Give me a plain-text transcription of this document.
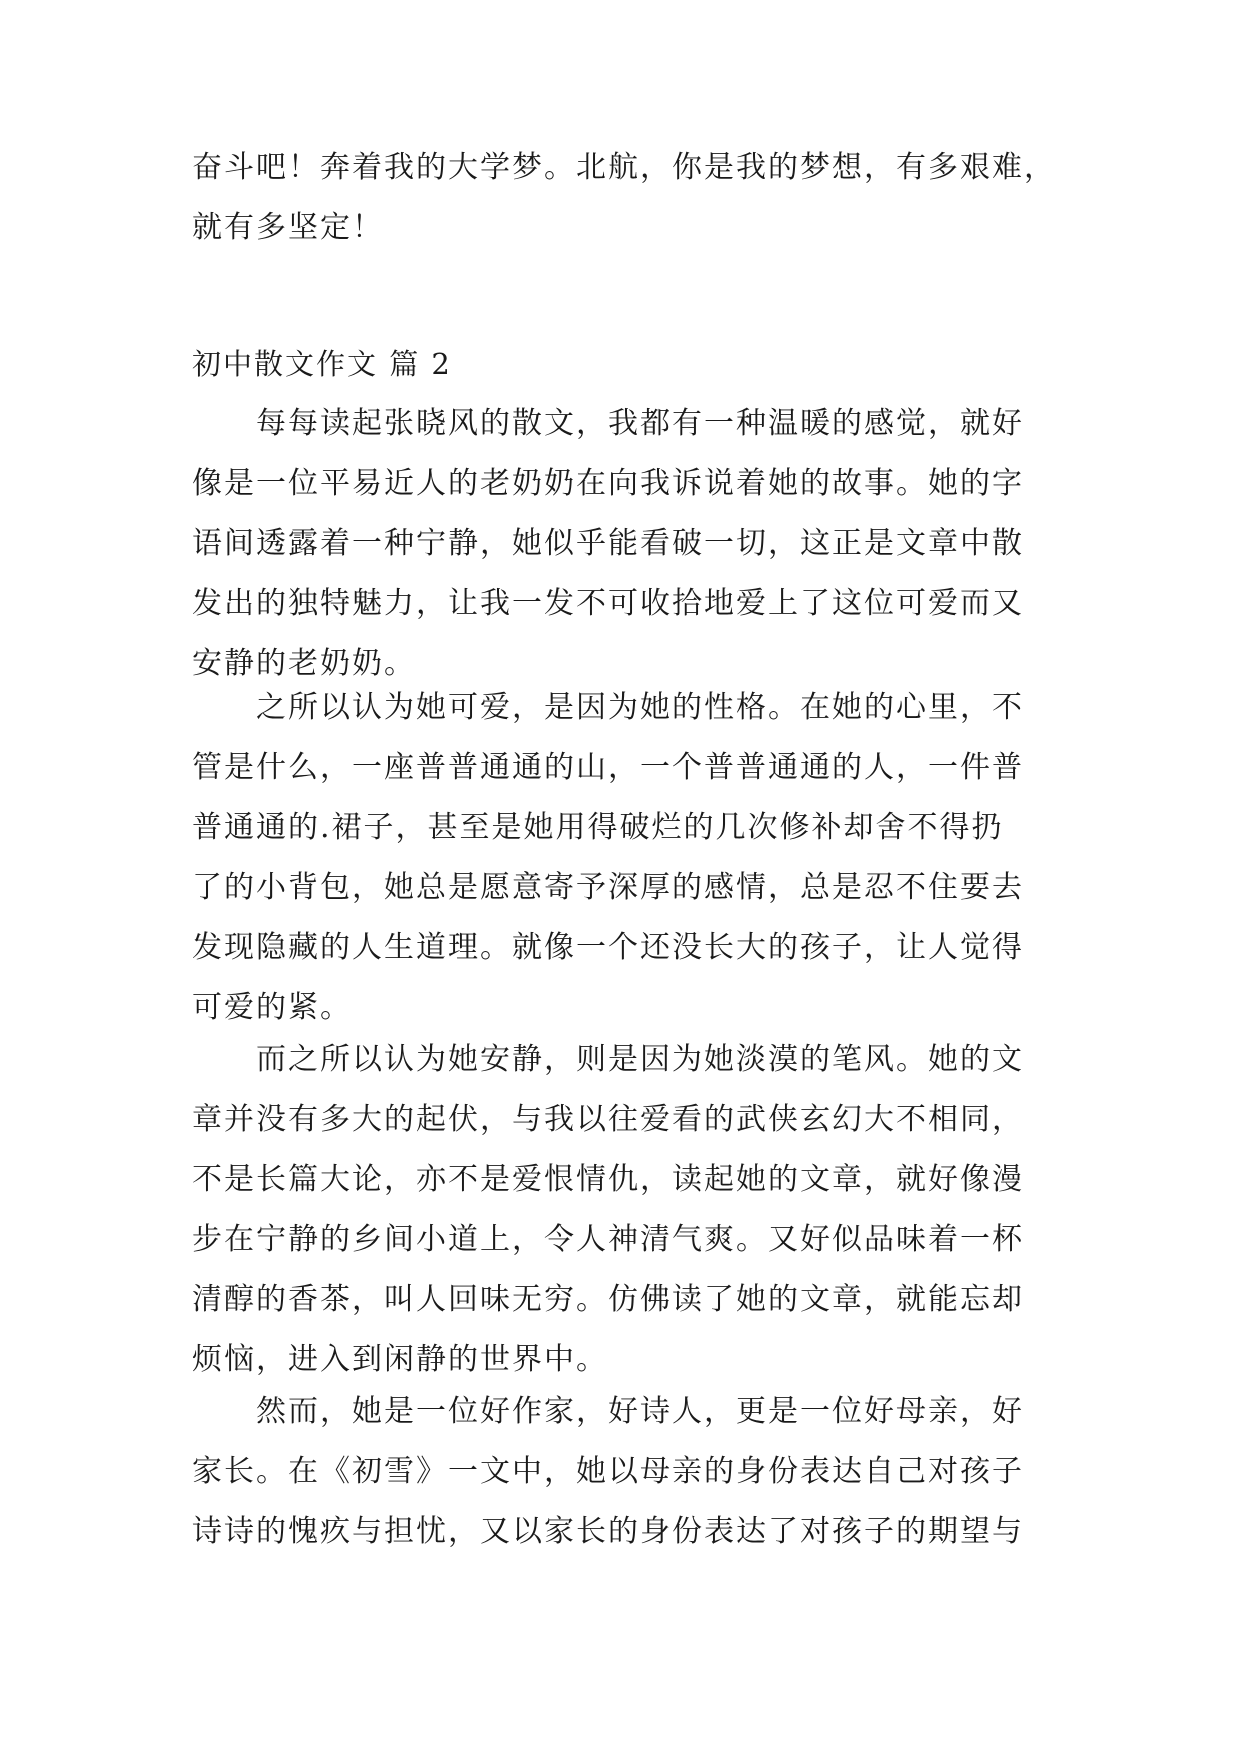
奋斗吧！奔着我的大学梦。北航，你是我的梦想，有多艰难，
就有多坚定！
初中散文作文 篇 2
每每读起张晓风的散文，我都有一种温暖的感觉，就好
像是一位平易近人的老奶奶在向我诉说着她的故事。她的字
语间透露着一种宁静，她似乎能看破一切，这正是文章中散
发出的独特魅力，让我一发不可收拾地爱上了这位可爱而又
安静的老奶奶。
之所以认为她可爱，是因为她的性格。在她的心里，不
管是什么，一座普普通通的山，一个普普通通的人，一件普
普通通的.裙子，甚至是她用得破烂的几次修补却舍不得扔
了的小背包，她总是愿意寄予深厚的感情，总是忍不住要去
发现隐藏的人生道理。就像一个还没长大的孩子，让人觉得
可爱的紧。
而之所以认为她安静，则是因为她淡漠的笔风。她的文
章并没有多大的起伏，与我以往爱看的武侠玄幻大不相同，
不是长篇大论，亦不是爱恨情仇，读起她的文章，就好像漫
步在宁静的乡间小道上，令人神清气爽。又好似品味着一杯
清醇的香茶，叫人回味无穷。仿佛读了她的文章，就能忘却
烦恼，进入到闲静的世界中。
然而，她是一位好作家，好诗人，更是一位好母亲，好
家长。在《初雪》一文中，她以母亲的身份表达自己对孩子
诗诗的愧疚与担忧，又以家长的身份表达了对孩子的期望与
